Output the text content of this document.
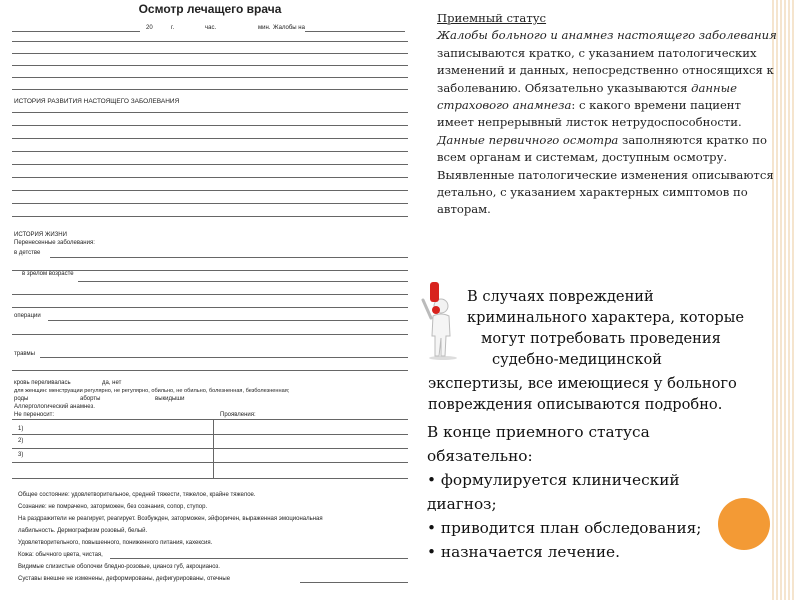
Осмотр лечащего врача
20	г.	час.	мин. Жалобы на
ИСТОРИЯ РАЗВИТИЯ НАСТОЯЩЕГО ЗАБОЛЕВАНИЯ
ИСТОРИЯ ЖИЗНИ
Перенесенные заболевания:
в детстве
в зрелом возрасте
операции
травмы
кровь переливалась	да, нет
для женщин: менструации регулярно, не регулярно, обильно, не обильно, болезненная, безболезненная;
роды	аборты	выкидыши
Аллергологический анамнез.
Не переносит:	Проявления:
1)
2)
3)
Общее состояние: удовлетворительное, средней тяжести, тяжелое, крайне тяжелое.
Сознание: не помрачено, заторможен, без сознания, сопор, ступор.
На раздражители не реагирует, реагирует. Возбужден, заторможен, эйфоричен, выраженная эмоциональная
лабильность. Дермографизм розовый, белый.
Удовлетворительного, повышенного, пониженного питания, кахексия.
Кожа: обычного цвета, чистая,
Видимые слизистые оболочки бледно-розовые, цианоз губ, акроцианоз.
Суставы внешне не изменены, деформированы, дефигурированы, отечные

Приемный статус

Жалобы больного и анамнез настоящего заболевания записываются кратко, с указанием патологических изменений и данных, непосредственно относящихся к заболеванию. Обязательно указываются данные страхового анамнеза: с какого времени пациент имеет непрерывный листок нетрудоспособности.

Данные первичного осмотра заполняются кратко по всем органам и системам, доступным осмотру. Выявленные патологические изменения описываются детально, с указанием характерных симптомов по авторам.

В случаях повреждений
криминального характера, которые
могут потребовать проведения
судебно-медицинской
экспертизы, все имеющиеся у больного
повреждения описываются подробно.

В конце приемного статуса

обязательно:

• формулируется клинический

диагноз;

• приводится план обследования;

• назначается лечение.
